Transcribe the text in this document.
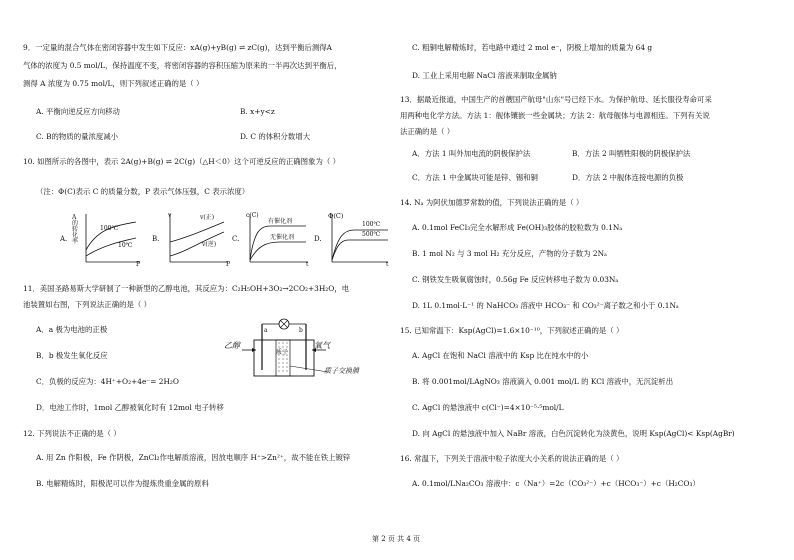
9．一定量的混合气体在密闭容器中发生如下反应：xA(g)+yB(g) ⇌ zC(g)，达到平衡后测得A
气体的浓度为 0.5 mol/L，保持温度不变，将密闭容器的容积压缩为原来的一半再次达到平衡后，
测得 A 浓度为 0.75 mol/L，则下列叙述正确的是（ ）
A. 平衡向逆反应方向移动	B. x+y<z
C. B的物质的量浓度减小	D. C 的体积分数增大
10. 如图所示的各图中，表示 2A(g)+B(g) ⇌ 2C(g)（△H＜0）这个可逆反应的正确图象为（ ）
（注：Φ(C)表示 C 的质量分数，P 表示气体压强，C 表示浓度）
A.
A的转化率
100℃
10℃
P
B.
v	v(正)
v(逆)
P
C.
c(C)
有催化剂
无催化剂
t
D.
Φ(C)
100℃
500℃
t
11．美国圣路易斯大学研制了一种新型的乙醇电池，其反应为：C₂H₅OH+3O₂→2CO₂+3H₂O，电
池装置如右图，下列说法正确的是（ ）
A．a 极为电池的正极
B．b 极发生氧化反应
C．负极的反应为：4H⁺+O₂+4e⁻= 2H₂O
D．电池工作时，1mol 乙醇被氧化时有 12mol 电子转移
a	b
乙醇	氧气
质子
质子交换膜
12. 下列说法不正确的是（ ）
A. 用 Zn 作阳极，Fe 作阴极，ZnCl₂作电解质溶液，因放电顺序 H⁺>Zn²⁺，故不能在铁上镀锌
B. 电解精炼时，阳极泥可以作为提炼贵重金属的原料
C. 粗铜电解精炼时，若电路中通过 2 mol e⁻，阴极上增加的质量为 64 g
D. 工业上采用电解 NaCl 溶液来制取金属钠
13．据最近报道，中国生产的首艘国产航母"山东"号已经下水。为保护航母、延长服役寿命可采
用两种电化学方法。方法 1：舰体镶嵌一些金属块；方法 2：航母舰体与电源相连。下列有关说
法正确的是（ ）
A．方法 1 叫外加电流的阴极保护法	B．方法 2 叫牺牲阳极的阴极保护法
C．方法 1 中金属块可能是锌、锡和铜	D．方法 2 中舰体连接电源的负极
14. Nₐ 为阿伏加德罗常数的值，下列说法正确的是（ ）
A. 0.1mol FeCl₃完全水解形成 Fe(OH)₃胶体的胶粒数为 0.1Nₐ
B. 1 mol N₂ 与 3 mol H₂ 充分反应，产物的分子数为 2Nₐ
C. 钢铁发生吸氧腐蚀时，0.56g Fe 反应转移电子数为 0.03Nₐ
D. 1L 0.1mol·L⁻¹ 的 NaHCO₃ 溶液中 HCO₃⁻ 和 CO₃²⁻离子数之和小于 0.1Nₐ
15. 已知常温下：Ksp(AgCl)=1.6×10⁻¹⁰，下列叙述正确的是（ ）
A. AgCl 在饱和 NaCl 溶液中的 Ksp 比在纯水中的小
B. 将 0.001mol/LAgNO₃ 溶液滴入 0.001 mol/L 的 KCl 溶液中，无沉淀析出
C. AgCl 的悬浊液中 c(Cl⁻)=4×10⁻⁵·⁵mol/L
D. 向 AgCl 的悬浊液中加入 NaBr 溶液，白色沉淀转化为淡黄色，说明 Ksp(AgCl)< Ksp(AgBr)
16. 常温下，下列关于溶液中粒子浓度大小关系的说法正确的是（ ）
A. 0.1mol/LNa₂CO₃ 溶液中：c（Na⁺）=2c（CO₃²⁻）+c（HCO₃⁻）+c（H₂CO₃）
第 2 页 共 4 页
